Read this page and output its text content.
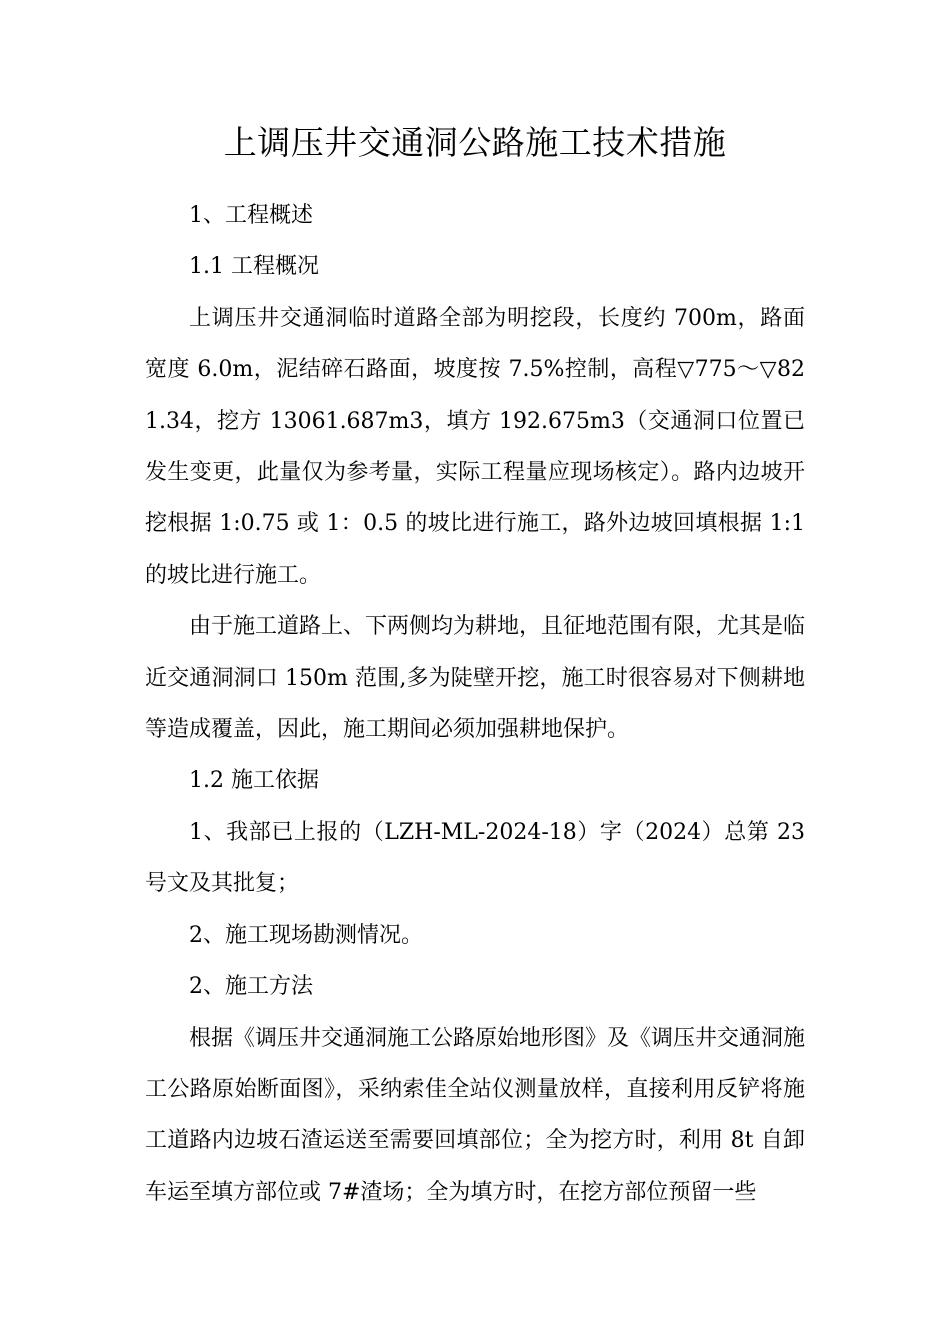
上调压井交通洞公路施工技术措施

1、工程概述

1.1 工程概况

上调压井交通洞临时道路全部为明挖段，长度约 700m，路面宽度 6.0m，泥结碎石路面，坡度按 7.5%控制，高程▽775～▽821.34，挖方 13061.687m3，填方 192.675m3（交通洞口位置已发生变更，此量仅为参考量，实际工程量应现场核定）。路内边坡开挖根据 1:0.75 或 1：0.5 的坡比进行施工，路外边坡回填根据 1:1 的坡比进行施工。

由于施工道路上、下两侧均为耕地，且征地范围有限，尤其是临近交通洞洞口 150m 范围,多为陡壁开挖，施工时很容易对下侧耕地等造成覆盖，因此，施工期间必须加强耕地保护。

1.2 施工依据

1、我部已上报的（LZH-ML-2024-18）字（2024）总第 23 号文及其批复；

2、施工现场勘测情况。

2、施工方法

根据《调压井交通洞施工公路原始地形图》及《调压井交通洞施工公路原始断面图》，采纳索佳全站仪测量放样，直接利用反铲将施工道路内边坡石渣运送至需要回填部位；全为挖方时，利用 8t 自卸车运至填方部位或 7#渣场；全为填方时，在挖方部位预留一些
